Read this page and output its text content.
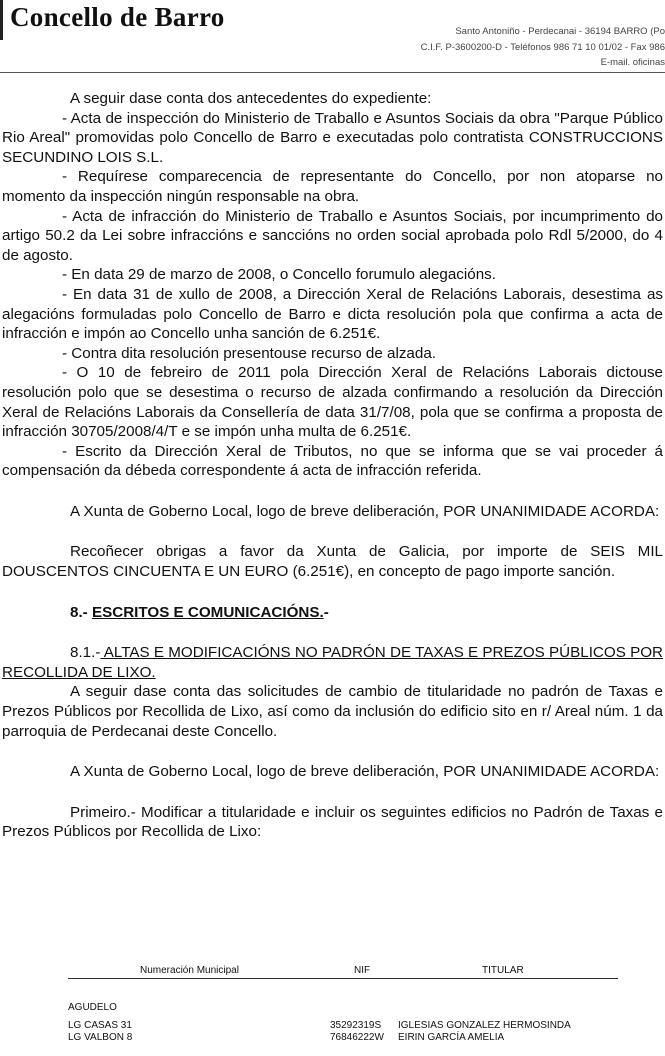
Concello de Barro	Santo Antoniño - Perdecanai - 36194 BARRO (Po
C.I.F. P-3600200-D - Teléfonos 986 71 10 01/02 - Fax 986
E-mail. oficinas

A seguir dase conta dos antecedentes do expediente:

- Acta de inspección do Ministerio de Traballo e Asuntos Sociais da obra "Parque Público Rio Areal" promovidas polo Concello de Barro e executadas polo contratista CONSTRUCCIONS SECUNDINO LOIS S.L.

- Requírese comparecencia de representante do Concello, por non atoparse no momento da inspección ningún responsable na obra.

- Acta de infracción do Ministerio de Traballo e Asuntos Sociais, por incumprimento do artigo 50.2 da Lei sobre infraccións e sanccións no orden social aprobada polo Rdl 5/2000, do 4 de agosto.

- En data 29 de marzo de 2008, o Concello forumulo alegacións.

- En data 31 de xullo de 2008, a Dirección Xeral de Relacións Laborais, desestima as alegacións formuladas polo Concello de Barro e dicta resolución pola que confirma a acta de infracción e impón ao Concello unha sanción de 6.251€.

- Contra dita resolución presentouse recurso de alzada.

- O 10 de febreiro de 2011 pola Dirección Xeral de Relacións Laborais dictouse resolución polo que se desestima o recurso de alzada confirmando a resolución da Dirección Xeral de Relacións Laborais da Consellería de data 31/7/08, pola que se confirma a proposta de infracción 30705/2008/4/T e se impón unha multa de 6.251€.

- Escrito da Dirección Xeral de Tributos, no que se informa que se vai proceder á compensación da débeda correspondente á acta de infracción referida.

A Xunta de Goberno Local, logo de breve deliberación, POR UNANIMIDADE ACORDA:

Recoñecer obrigas a favor da Xunta de Galicia, por importe de SEIS MIL DOUSCENTOS CINCUENTA E UN EURO (6.251€), en concepto de pago importe sanción.

8.- ESCRITOS E COMUNICACIÓNS.-

8.1.- ALTAS E MODIFICACIÓNS NO PADRÓN DE TAXAS E PREZOS PÚBLICOS POR RECOLLIDA DE LIXO.

A seguir dase conta das solicitudes de cambio de titularidade no padrón de Taxas e Prezos Públicos por Recollida de Lixo, así como da inclusión do edificio sito en r/ Areal núm. 1 da parroquia de Perdecanai deste Concello.

A Xunta de Goberno Local, logo de breve deliberación, POR UNANIMIDADE ACORDA:

Primeiro.- Modificar a titularidade e incluir os seguintes edificios no Padrón de Taxas e Prezos Públicos por Recollida de Lixo:

Numeración Municipal	NIF	TITULAR
AGUDELO
LG CASAS 31	35292319S IGLESIAS GONZALEZ HERMOSINDA
LG VALBON 8	76846222W EIRIN GARCÍA AMELIA
